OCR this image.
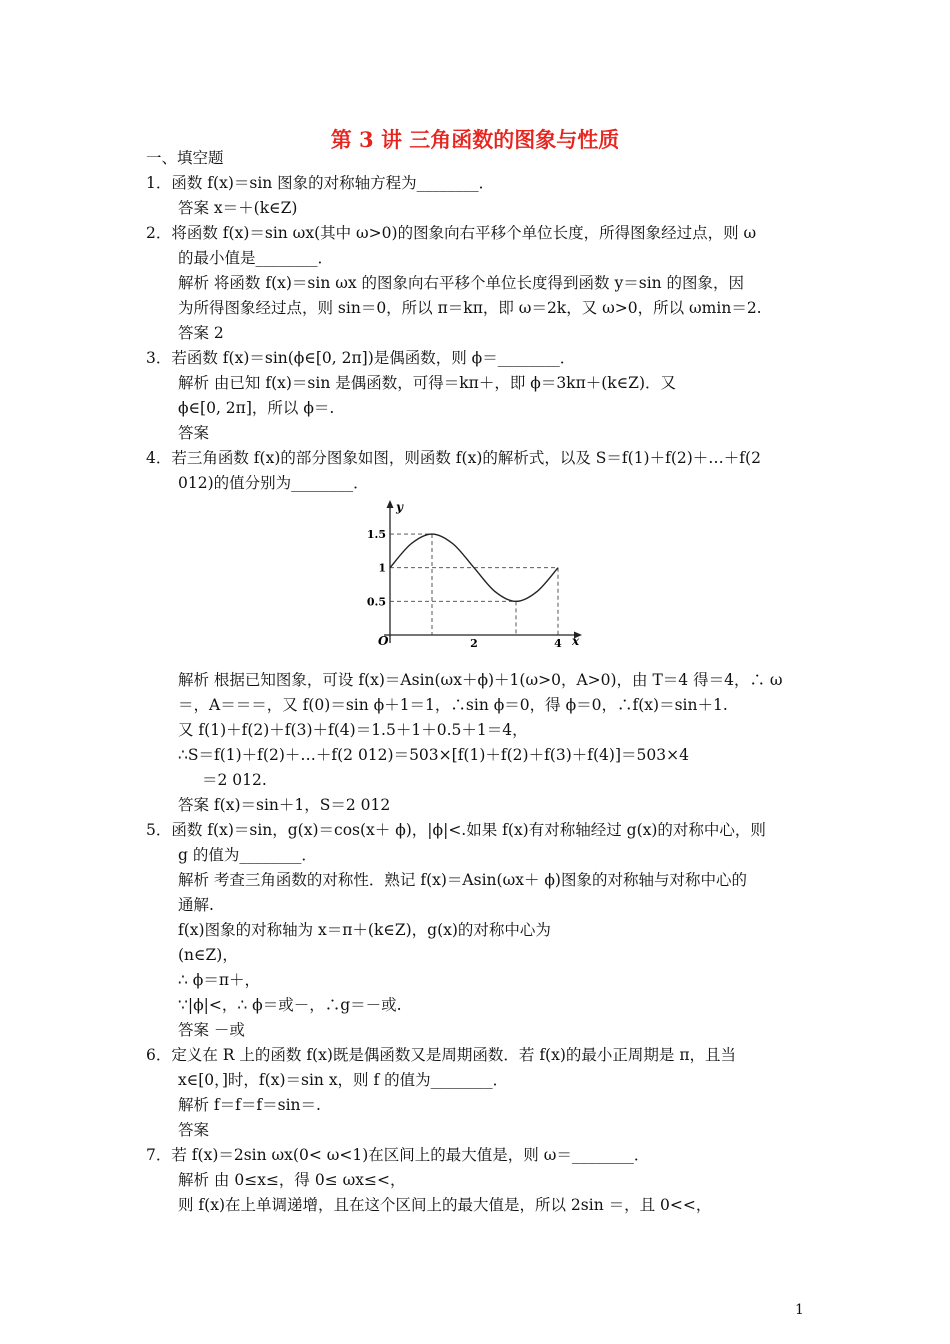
第 3 讲 三角函数的图象与性质
一、填空题
1．函数 f(x)＝sin 图象的对称轴方程为________．
答案 x＝＋(k∈Z)
2．将函数 f(x)＝sin ωx(其中 ω>0)的图象向右平移个单位长度，所得图象经过点，则 ω
的最小值是________．
解析 将函数 f(x)＝sin ωx 的图象向右平移个单位长度得到函数 y＝sin 的图象，因
为所得图象经过点，则 sin＝0，所以 π＝kπ，即 ω＝2k，又 ω>0，所以 ωmin＝2.
答案 2
3．若函数 f(x)＝sin(ϕ∈[0, 2π])是偶函数，则 ϕ＝________．
解析 由已知 f(x)＝sin 是偶函数，可得＝kπ＋，即 ϕ＝3kπ＋(k∈Z)．又
ϕ∈[0, 2π]，所以 ϕ＝.
答案
4．若三角函数 f(x)的部分图象如图，则函数 f(x)的解析式，以及 S＝f(1)＋f(2)＋…＋f(2
012)的值分别为________．
x
y
O
1.5
1
0.5
2	4
解析 根据已知图象，可设 f(x)＝Asin(ωx＋ϕ)＋1(ω>0，A>0)，由 T＝4 得＝4，∴ ω
＝，A＝＝＝，又 f(0)＝sin ϕ＋1＝1，∴sin ϕ＝0，得 ϕ＝0，∴f(x)＝sin＋1.
又 f(1)＋f(2)＋f(3)＋f(4)＝1.5＋1＋0.5＋1＝4，
∴S＝f(1)＋f(2)＋…＋f(2 012)＝503×[f(1)＋f(2)＋f(3)＋f(4)]＝503×4
＝2 012.
答案 f(x)＝sin＋1，S＝2 012
5．函数 f(x)＝sin，g(x)＝cos(x＋ ϕ)，|ϕ|<.如果 f(x)有对称轴经过 g(x)的对称中心，则
g 的值为________．
解析 考查三角函数的对称性．熟记 f(x)＝Asin(ωx＋ ϕ)图象的对称轴与对称中心的
通解.
f(x)图象的对称轴为 x＝π＋(k∈Z)，g(x)的对称中心为
(n∈Z)，
∴ ϕ＝π＋，
∵|ϕ|<，∴ ϕ＝或－，∴g＝－或.
答案 －或
6．定义在 R 上的函数 f(x)既是偶函数又是周期函数．若 f(x)的最小正周期是 π，且当
x∈[0，]时，f(x)＝sin x，则 f 的值为________．
解析 f＝f＝f＝sin＝.
答案
7．若 f(x)＝2sin ωx(0< ω<1)在区间上的最大值是，则 ω＝________．
解析 由 0≤x≤，得 0≤ ωx≤<，
则 f(x)在上单调递增，且在这个区间上的最大值是，所以 2sin ＝，且 0<<，
1
